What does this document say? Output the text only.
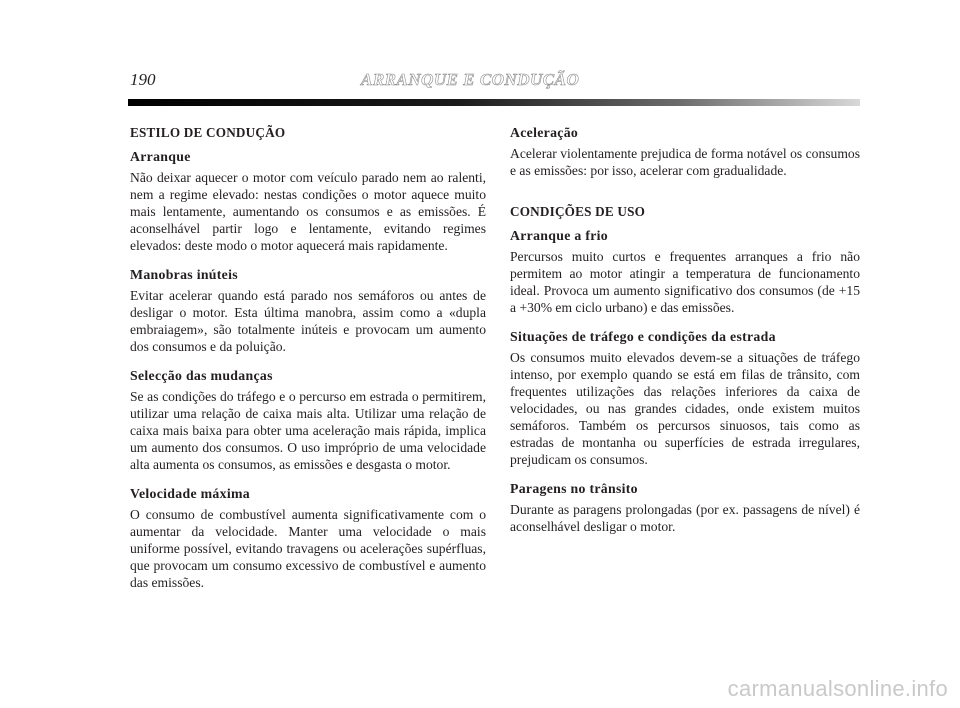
190	ARRANQUE E CONDUÇÃO
ESTILO DE CONDUÇÃO
Arranque

Não deixar aquecer o motor com veículo parado nem ao ralenti, nem a regime elevado: nestas condições o motor aquece muito mais lentamente, aumentando os consumos e as emissões. É aconselhável partir logo e lentamente, evitando regimes elevados: deste modo o motor aquecerá mais rapidamente.

Manobras inúteis

Evitar acelerar quando está parado nos semáforos ou antes de desligar o motor. Esta última manobra, assim como a «dupla embraiagem», são totalmente inúteis e provocam um aumento dos consumos e da poluição.

Selecção das mudanças

Se as condições do tráfego e o percurso em estrada o permitirem, utilizar uma relação de caixa mais alta. Utilizar uma relação de caixa mais baixa para obter uma aceleração mais rápida, implica um aumento dos consumos. O uso impróprio de uma velocidade alta aumenta os consumos, as emissões e desgasta o motor.

Velocidade máxima

O consumo de combustível aumenta significativamente com o aumentar da velocidade. Manter uma velocidade o mais uniforme possível, evitando travagens ou acelerações supérfluas, que provocam um consumo excessivo de combustível e aumento das emissões.

Aceleração

Acelerar violentamente prejudica de forma notável os consumos e as emissões: por isso, acelerar com gradualidade.

CONDIÇÕES DE USO
Arranque a frio

Percursos muito curtos e frequentes arranques a frio não permitem ao motor atingir a temperatura de funcionamento ideal. Provoca um aumento significativo dos consumos (de +15 a +30% em ciclo urbano) e das emissões.

Situações de tráfego e condições da estrada

Os consumos muito elevados devem-se a situações de tráfego intenso, por exemplo quando se está em filas de trânsito, com frequentes utilizações das relações inferiores da caixa de velocidades, ou nas grandes cidades, onde existem muitos semáforos. Também os percursos sinuosos, tais como as estradas de montanha ou superfícies de estrada irregulares, prejudicam os consumos.

Paragens no trânsito

Durante as paragens prolongadas (por ex. passagens de nível) é aconselhável desligar o motor.

carmanualsonline.info
